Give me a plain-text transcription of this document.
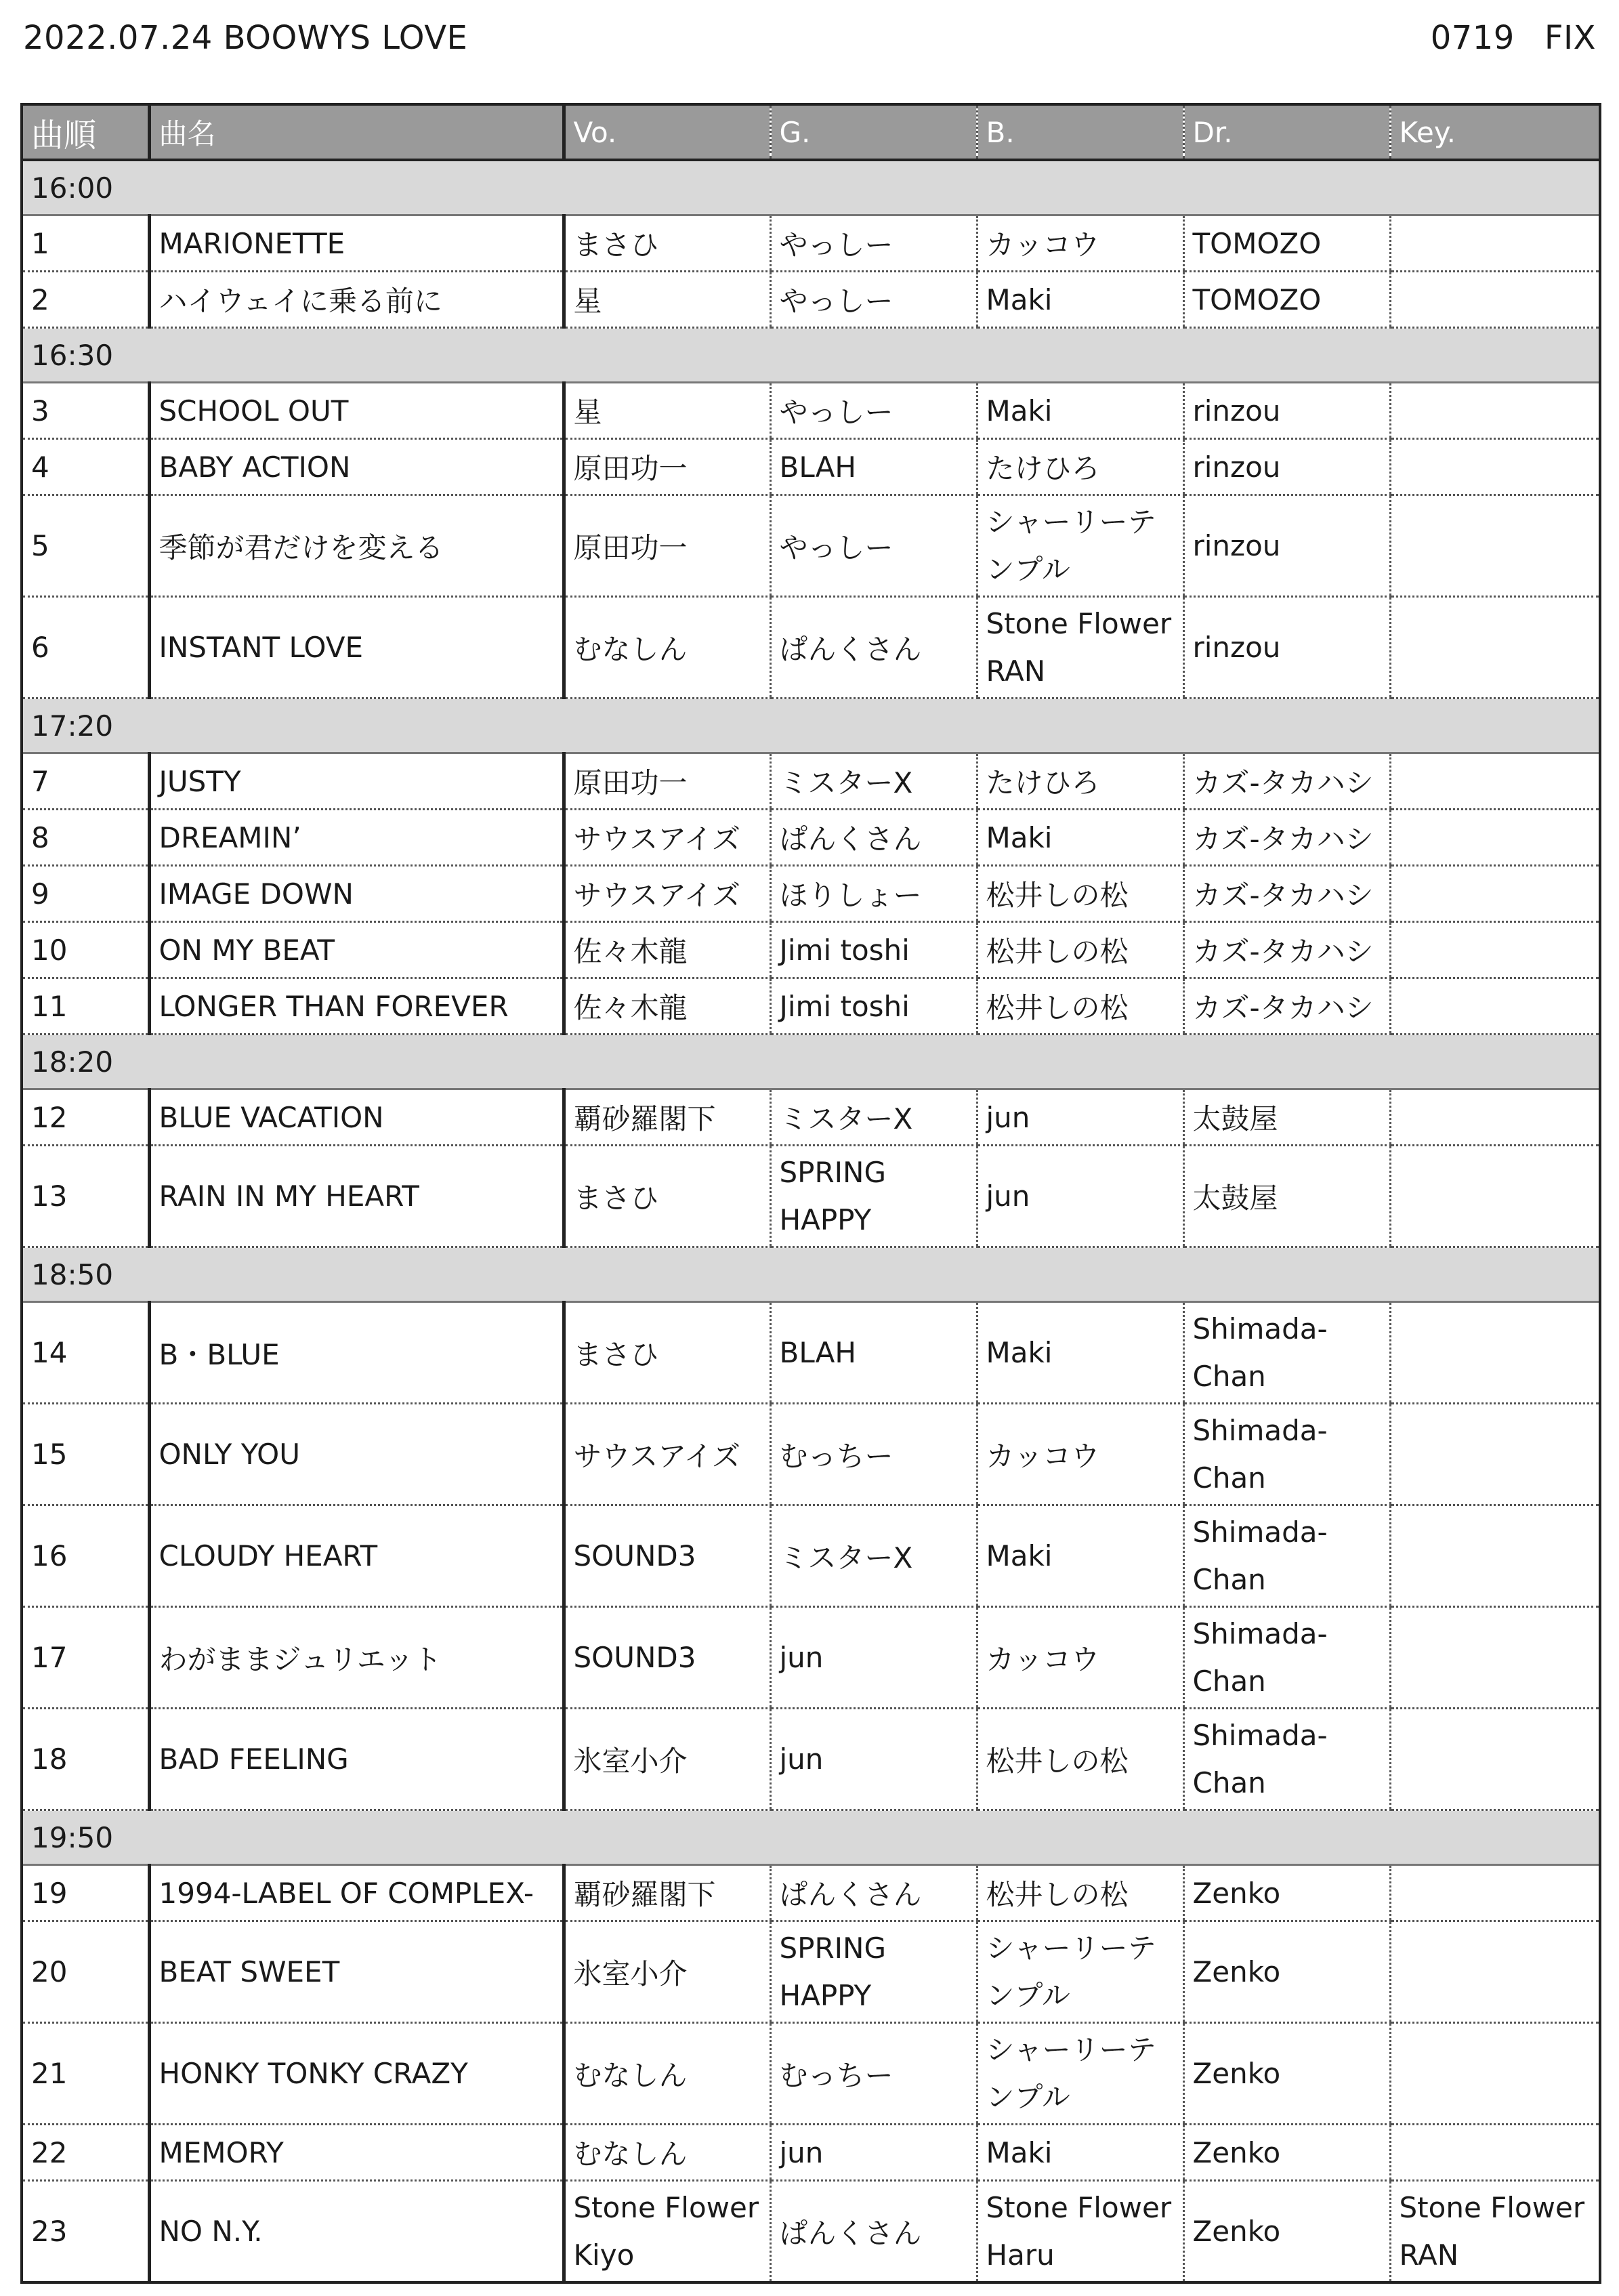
2022.07.24 BOOWYS LOVE	0719 FIX
曲順	曲名	Vo.	G.	B.	Dr.	Key.
16:00						
1	MARIONETTE	まさひ	やっしー	カッコウ	TOMOZO	
2	ハイウェイに乗る前に	星	やっしー	Maki	TOMOZO	
16:30						
3	SCHOOL OUT	星	やっしー	Maki	rinzou	
4	BABY ACTION	原田功一	BLAH	たけひろ	rinzou	
5	季節が君だけを変える	原田功一	やっしー	シャーリーテンプル	rinzou	
6	INSTANT LOVE	むなしん	ぱんくさん	Stone Flower RAN	rinzou	
17:20						
7	JUSTY	原田功一	ミスターX	たけひろ	カズ-タカハシ	
8	DREAMIN’	サウスアイズ	ぱんくさん	Maki	カズ-タカハシ	
9	IMAGE DOWN	サウスアイズ	ほりしょー	松井しの松	カズ-タカハシ	
10	ON MY BEAT	佐々木龍	Jimi toshi	松井しの松	カズ-タカハシ	
11	LONGER THAN FOREVER	佐々木龍	Jimi toshi	松井しの松	カズ-タカハシ	
18:20						
12	BLUE VACATION	覇砂羅閣下	ミスターX	jun	太鼓屋	
13	RAIN IN MY HEART	まさひ	SPRING HAPPY	jun	太鼓屋	
18:50						
14	B・BLUE	まさひ	BLAH	Maki	Shimada-Chan	
15	ONLY YOU	サウスアイズ	むっちー	カッコウ	Shimada-Chan	
16	CLOUDY HEART	SOUND3	ミスターX	Maki	Shimada-Chan	
17	わがままジュリエット	SOUND3	jun	カッコウ	Shimada-Chan	
18	BAD FEELING	氷室小介	jun	松井しの松	Shimada-Chan	
19:50						
19	1994-LABEL OF COMPLEX-	覇砂羅閣下	ぱんくさん	松井しの松	Zenko	
20	BEAT SWEET	氷室小介	SPRING HAPPY	シャーリーテンプル	Zenko	
21	HONKY TONKY CRAZY	むなしん	むっちー	シャーリーテンプル	Zenko	
22	MEMORY	むなしん	jun	Maki	Zenko	
23	NO N.Y.	Stone Flower Kiyo	ぱんくさん	Stone Flower Haru	Zenko	Stone Flower RAN
